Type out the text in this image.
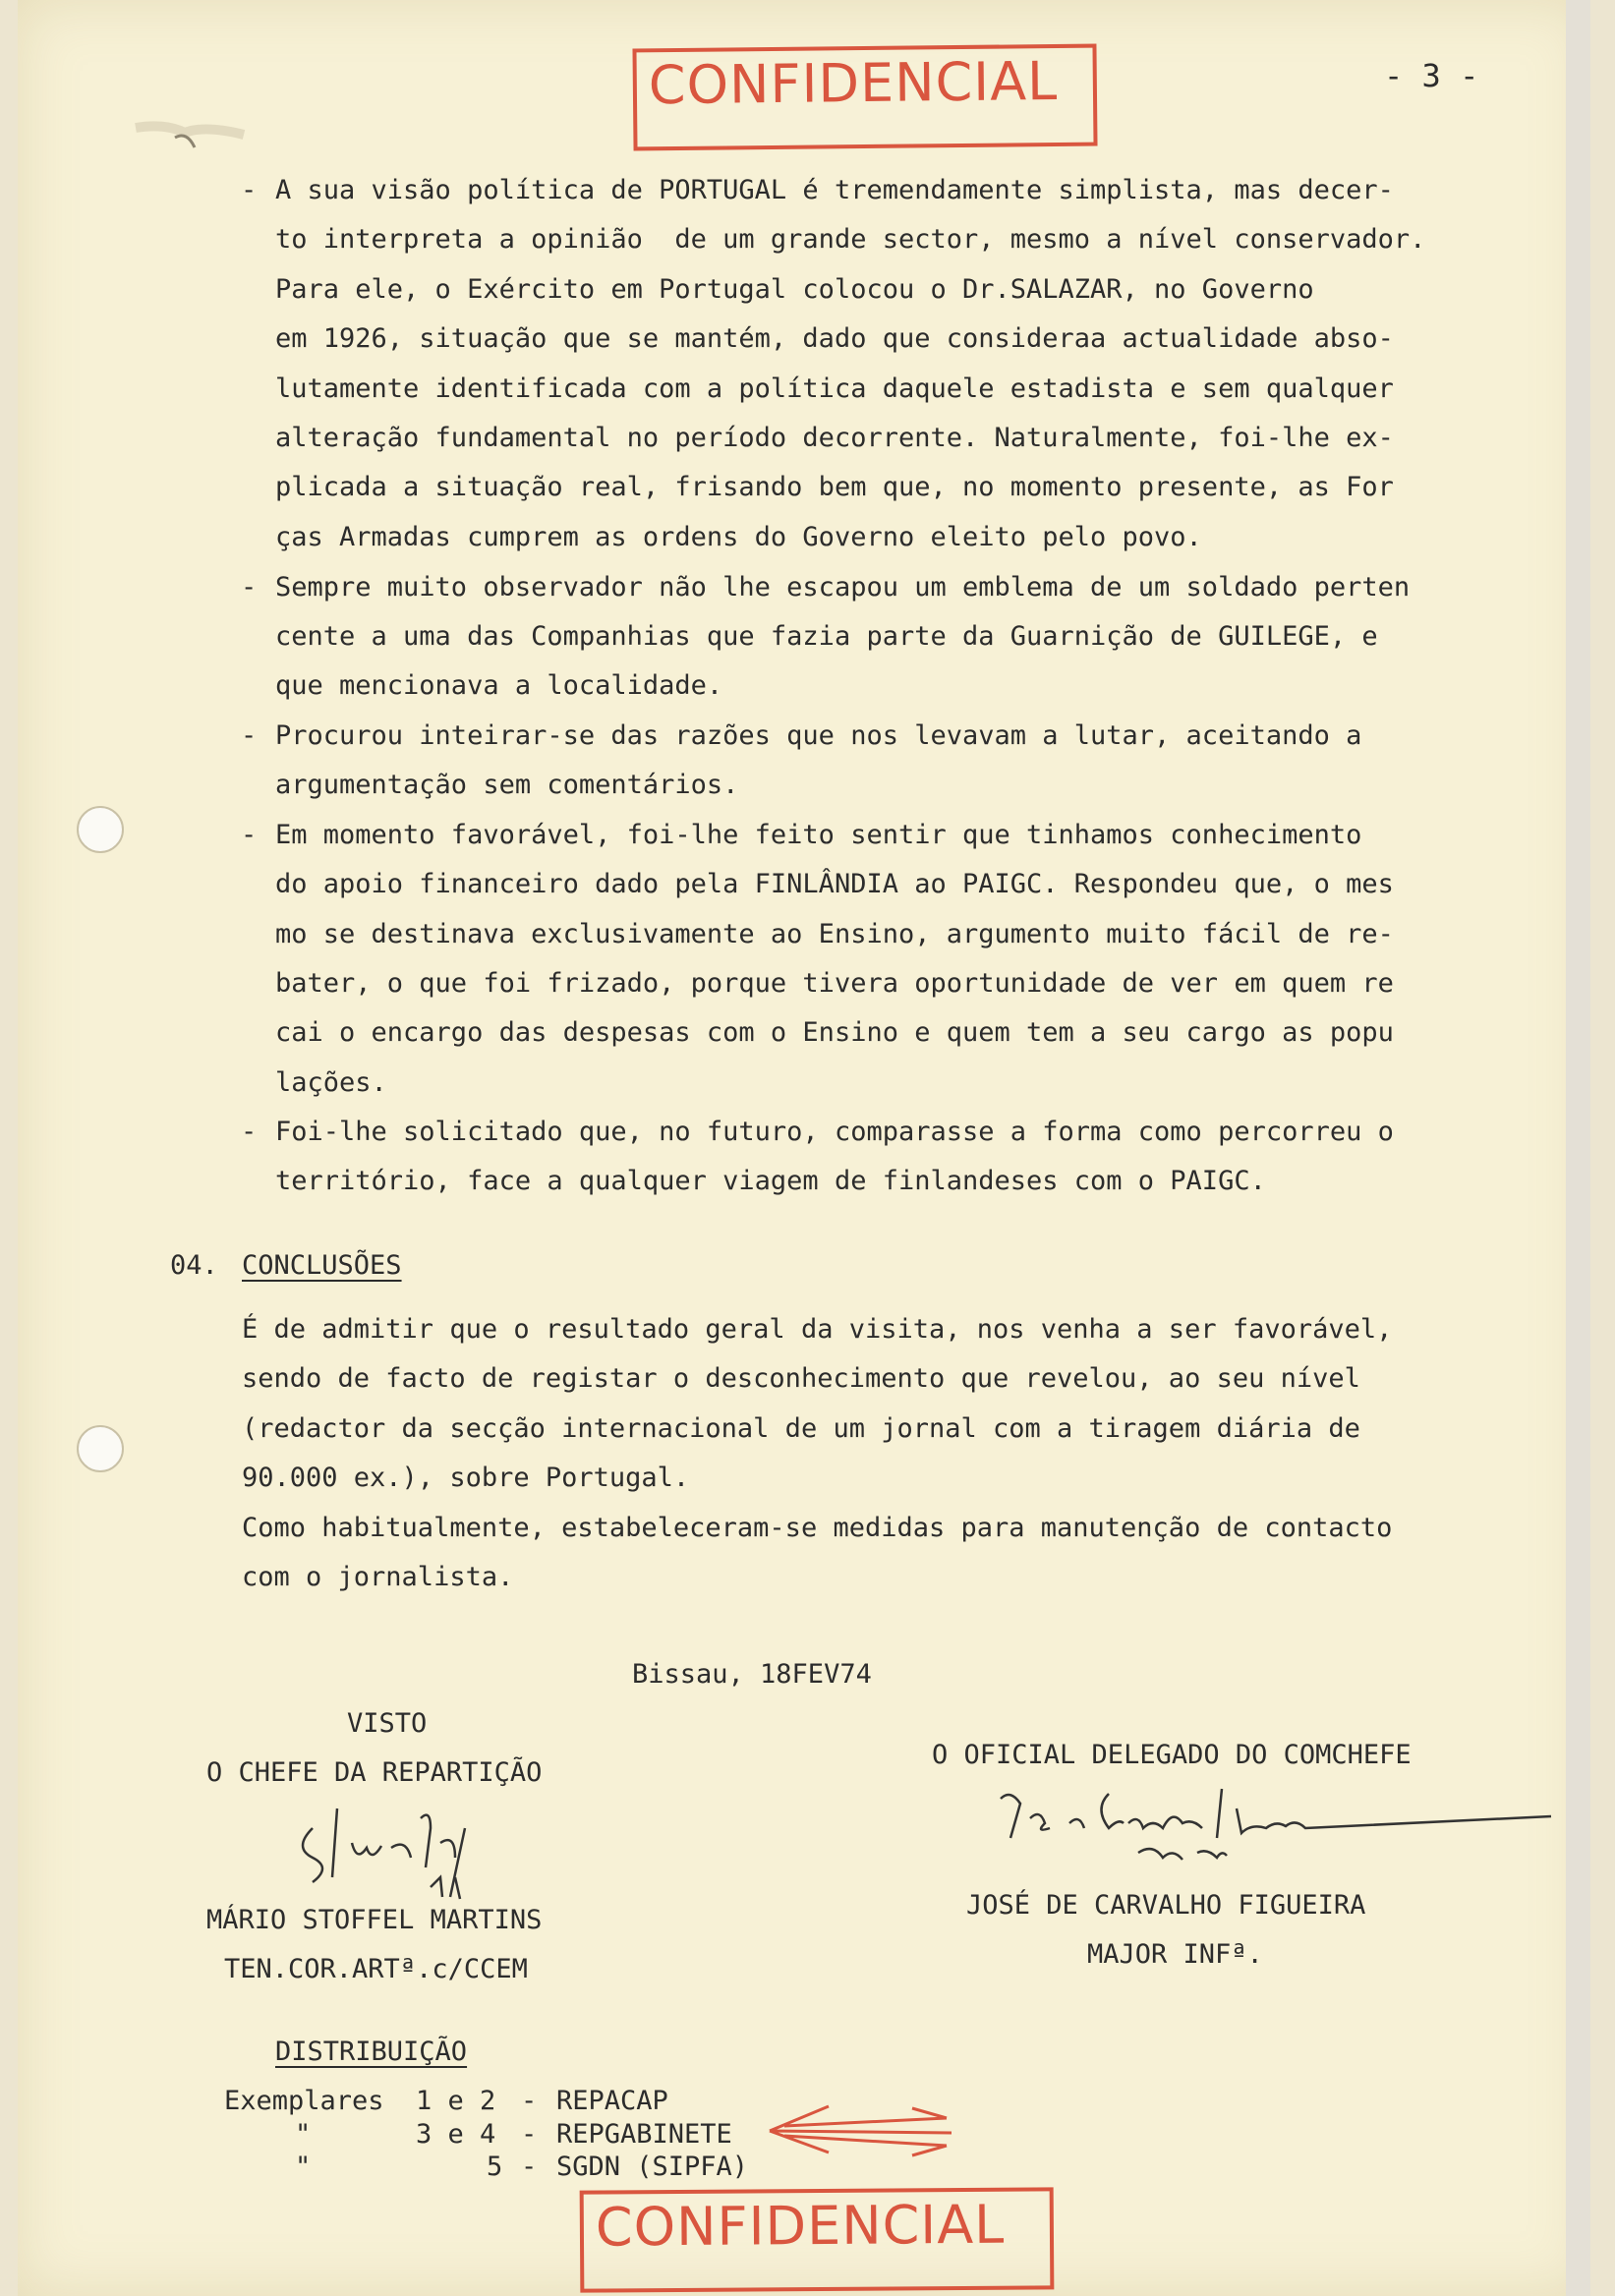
CONFIDENCIAL	- 3 -
- A sua visão política de PORTUGAL é tremendamente simplista, mas decer-
to interpreta a opinião  de um grande sector, mesmo a nível conservador.
Para ele, o Exército em Portugal colocou o Dr.SALAZAR, no Governo
em 1926, situação que se mantém, dado que consideraa actualidade abso-
lutamente identificada com a política daquele estadista e sem qualquer
alteração fundamental no período decorrente. Naturalmente, foi-lhe ex-
plicada a situação real, frisando bem que, no momento presente, as For
ças Armadas cumprem as ordens do Governo eleito pelo povo.
- Sempre muito observador não lhe escapou um emblema de um soldado perten
cente a uma das Companhias que fazia parte da Guarnição de GUILEGE, e
que mencionava a localidade.
- Procurou inteirar-se das razões que nos levavam a lutar, aceitando a
argumentação sem comentários.
- Em momento favorável, foi-lhe feito sentir que tinhamos conhecimento
do apoio financeiro dado pela FINLÂNDIA ao PAIGC. Respondeu que, o mes
mo se destinava exclusivamente ao Ensino, argumento muito fácil de re-
bater, o que foi frizado, porque tivera oportunidade de ver em quem re
cai o encargo das despesas com o Ensino e quem tem a seu cargo as popu
lações.
- Foi-lhe solicitado que, no futuro, comparasse a forma como percorreu o
território, face a qualquer viagem de finlandeses com o PAIGC.
04. CONCLUSÕES
É de admitir que o resultado geral da visita, nos venha a ser favorável,
sendo de facto de registar o desconhecimento que revelou, ao seu nível
(redactor da secção internacional de um jornal com a tiragem diária de
90.000 ex.), sobre Portugal.
Como habitualmente, estabeleceram-se medidas para manutenção de contacto
com o jornalista.
Bissau, 18FEV74
VISTO
O CHEFE DA REPARTIÇÃO
MÁRIO STOFFEL MARTINS
TEN.COR.ARTª.c/CCEM
O OFICIAL DELEGADO DO COMCHEFE
JOSÉ DE CARVALHO FIGUEIRA
MAJOR INFª.
DISTRIBUIÇÃO
Exemplares 1 e 2 - REPACAP
"	3 e 4 - REPGABINETE
"	5 - SGDN (SIPFA)
CONFIDENCIAL
